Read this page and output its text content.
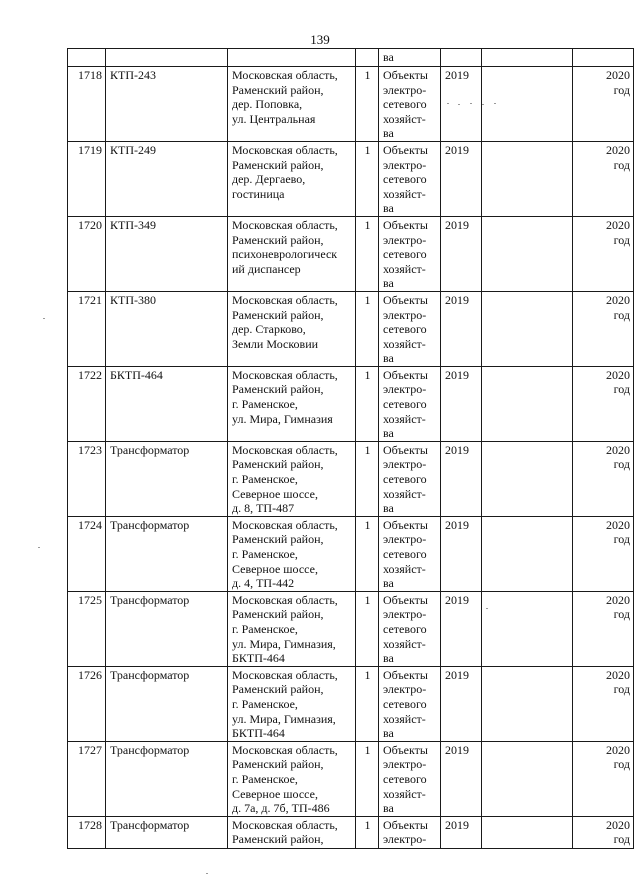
139

				ва			

1718	КТП-243	Московская область,
Раменский район,
дер. Поповка,
ул. Центральная	1	Объекты
электро-
сетевого
хозяйст-
ва	2019		2020
год

1719	КТП-249	Московская область,
Раменский район,
дер. Дергаево,
гостиница	1	Объекты
электро-
сетевого
хозяйст-
ва	2019		2020
год

1720	КТП-349	Московская область,
Раменский район,
психоневрологическ
ий диспансер	1	Объекты
электро-
сетевого
хозяйст-
ва	2019		2020
год

1721	КТП-380	Московская область,
Раменский район,
дер. Старково,
Земли Московии	1	Объекты
электро-
сетевого
хозяйст-
ва	2019		2020
год

1722	БКТП-464	Московская область,
Раменский район,
г. Раменское,
ул. Мира, Гимназия	1	Объекты
электро-
сетевого
хозяйст-
ва	2019		2020
год

1723	Трансформатор	Московская область,
Раменский район,
г. Раменское,
Северное шоссе,
д. 8, ТП-487	1	Объекты
электро-
сетевого
хозяйст-
ва	2019		2020
год

1724	Трансформатор	Московская область,
Раменский район,
г. Раменское,
Северное шоссе,
д. 4, ТП-442	1	Объекты
электро-
сетевого
хозяйст-
ва	2019		2020
год

1725	Трансформатор	Московская область,
Раменский район,
г. Раменское,
ул. Мира, Гимназия,
БКТП-464	1	Объекты
электро-
сетевого
хозяйст-
ва	2019		2020
год

1726	Трансформатор	Московская область,
Раменский район,
г. Раменское,
ул. Мира, Гимназия,
БКТП-464	1	Объекты
электро-
сетевого
хозяйст-
ва	2019		2020
год

1727	Трансформатор	Московская область,
Раменский район,
г. Раменское,
Северное шоссе,
д. 7а, д. 7б, ТП-486	1	Объекты
электро-
сетевого
хозяйст-
ва	2019		2020
год

1728	Трансформатор	Московская область,
Раменский район,	1	Объекты
электро-	2019		2020
год
